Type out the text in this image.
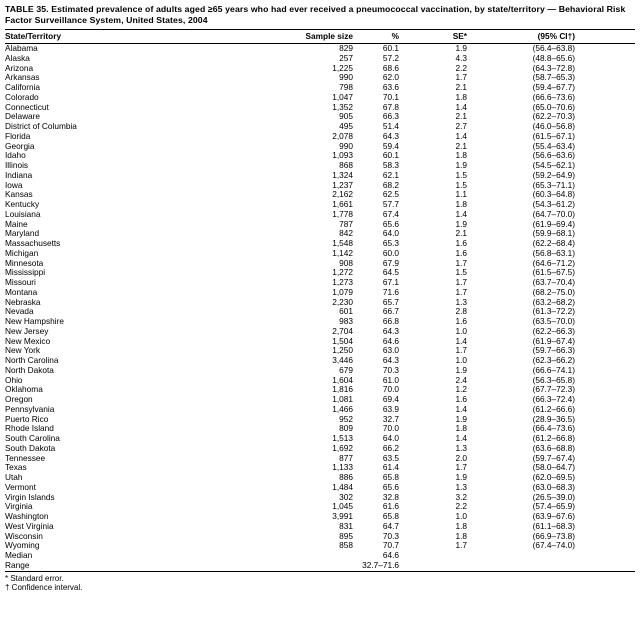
TABLE 35. Estimated prevalence of adults aged ≥65 years who had ever received a pneumococcal vaccination, by state/territory — Behavioral Risk Factor Surveillance System, United States, 2004
State/Territory	Sample size	%	SE*	(95% CI†)
Alabama	829	60.1	1.9	(56.4–63.8)
Alaska	257	57.2	4.3	(48.8–65.6)
Arizona	1,225	68.6	2.2	(64.3–72.8)
Arkansas	990	62.0	1.7	(58.7–65.3)
California	798	63.6	2.1	(59.4–67.7)
Colorado	1,047	70.1	1.8	(66.6–73.6)
Connecticut	1,352	67.8	1.4	(65.0–70.6)
Delaware	905	66.3	2.1	(62.2–70.3)
District of Columbia	495	51.4	2.7	(46.0–56.8)
Florida	2,078	64.3	1.4	(61.5–67.1)
Georgia	990	59.4	2.1	(55.4–63.4)
Idaho	1,093	60.1	1.8	(56.6–63.6)
Illinois	868	58.3	1.9	(54.5–62.1)
Indiana	1,324	62.1	1.5	(59.2–64.9)
Iowa	1,237	68.2	1.5	(65.3–71.1)
Kansas	2,162	62.5	1.1	(60.3–64.8)
Kentucky	1,661	57.7	1.8	(54.3–61.2)
Louisiana	1,778	67.4	1.4	(64.7–70.0)
Maine	787	65.6	1.9	(61.9–69.4)
Maryland	842	64.0	2.1	(59.9–68.1)
Massachusetts	1,548	65.3	1.6	(62.2–68.4)
Michigan	1,142	60.0	1.6	(56.8–63.1)
Minnesota	908	67.9	1.7	(64.6–71.2)
Mississippi	1,272	64.5	1.5	(61.5–67.5)
Missouri	1,273	67.1	1.7	(63.7–70.4)
Montana	1,079	71.6	1.7	(68.2–75.0)
Nebraska	2,230	65.7	1.3	(63.2–68.2)
Nevada	601	66.7	2.8	(61.3–72.2)
New Hampshire	983	66.8	1.6	(63.5–70.0)
New Jersey	2,704	64.3	1.0	(62.2–66.3)
New Mexico	1,504	64.6	1.4	(61.9–67.4)
New York	1,250	63.0	1.7	(59.7–66.3)
North Carolina	3,446	64.3	1.0	(62.3–66.2)
North Dakota	679	70.3	1.9	(66.6–74.1)
Ohio	1,604	61.0	2.4	(56.3–65.8)
Oklahoma	1,816	70.0	1.2	(67.7–72.3)
Oregon	1,081	69.4	1.6	(66.3–72.4)
Pennsylvania	1,466	63.9	1.4	(61.2–66.6)
Puerto Rico	952	32.7	1.9	(28.9–36.5)
Rhode Island	809	70.0	1.8	(66.4–73.6)
South Carolina	1,513	64.0	1.4	(61.2–66.8)
South Dakota	1,692	66.2	1.3	(63.6–68.8)
Tennessee	877	63.5	2.0	(59.7–67.4)
Texas	1,133	61.4	1.7	(58.0–64.7)
Utah	886	65.8	1.9	(62.0–69.5)
Vermont	1,484	65.6	1.3	(63.0–68.3)
Virgin Islands	302	32.8	3.2	(26.5–39.0)
Virginia	1,045	61.6	2.2	(57.4–65.9)
Washington	3,991	65.8	1.0	(63.9–67.6)
West Virginia	831	64.7	1.8	(61.1–68.3)
Wisconsin	895	70.3	1.8	(66.9–73.8)
Wyoming	858	70.7	1.7	(67.4–74.0)
Median		64.6		
Range		32.7–71.6		
* Standard error.
† Confidence interval.
